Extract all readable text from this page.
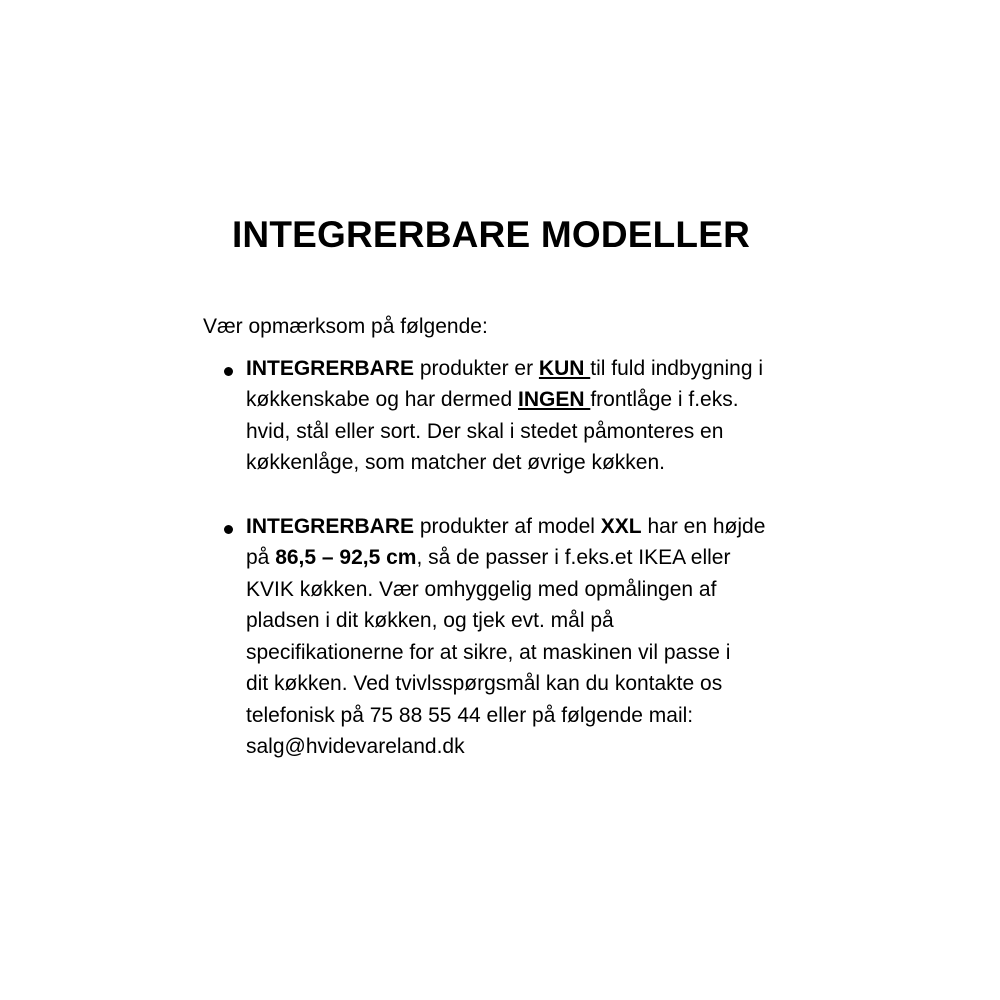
INTEGRERBARE MODELLER

Vær opmærksom på følgende:

INTEGRERBARE produkter er KUN til fuld indbygning i

køkkenskabe og har dermed INGEN frontlåge i f.eks.

hvid, stål eller sort. Der skal i stedet påmonteres en

køkkenlåge, som matcher det øvrige køkken.

INTEGRERBARE produkter af model XXL har en højde

på 86,5 – 92,5 cm, så de passer i f.eks.et IKEA eller

KVIK køkken. Vær omhyggelig med opmålingen af

pladsen i dit køkken, og tjek evt. mål på

specifikationerne for at sikre, at maskinen vil passe i

dit køkken. Ved tvivlsspørgsmål kan du kontakte os

telefonisk på 75 88 55 44 eller på følgende mail:

salg@hvidevareland.dk
